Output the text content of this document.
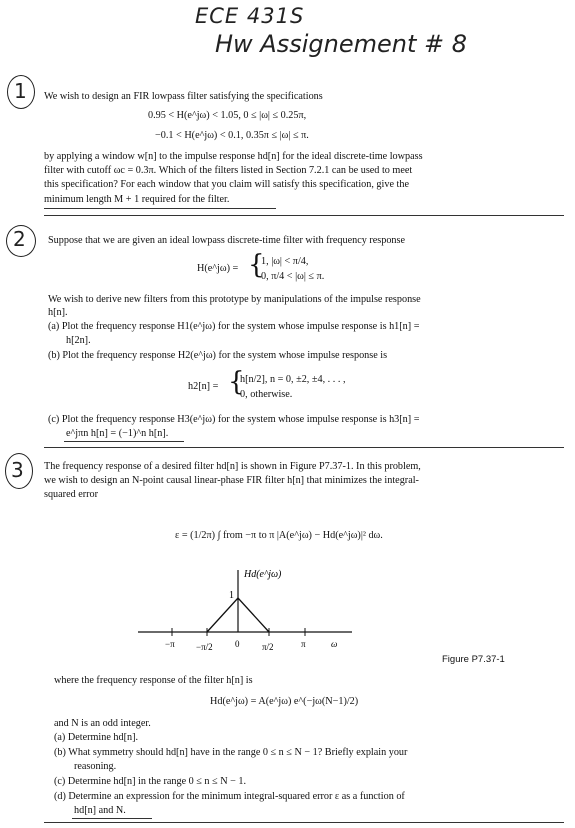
ECE 431S
Hw Assignement # 8
1 We wish to design an FIR lowpass filter satisfying the specifications
0.95 < H(e^jω) < 1.05, 0 ≤ |ω| ≤ 0.25π,
−0.1 < H(e^jω) < 0.1, 0.35π ≤ |ω| ≤ π.
by applying a window w[n] to the impulse response hd[n] for the ideal discrete-time lowpass
filter with cutoff ωc = 0.3π. Which of the filters listed in Section 7.2.1 can be used to meet
this specification? For each window that you claim will satisfy this specification, give the
minimum length M + 1 required for the filter.
2 Suppose that we are given an ideal lowpass discrete-time filter with frequency response
H(e^jω) = {
1, |ω| < π/4,
0, π/4 < |ω| ≤ π.
We wish to derive new filters from this prototype by manipulations of the impulse response
h[n].
(a) Plot the frequency response H1(e^jω) for the system whose impulse response is h1[n] =
h[2n].
(b) Plot the frequency response H2(e^jω) for the system whose impulse response is
h2[n] = {
h[n/2], n = 0, ±2, ±4, . . . ,
0, otherwise.
(c) Plot the frequency response H3(e^jω) for the system whose impulse response is h3[n] =
e^jπn h[n] = (−1)^n h[n].
3 The frequency response of a desired filter hd[n] is shown in Figure P7.37-1. In this problem,
we wish to design an N-point causal linear-phase FIR filter h[n] that minimizes the integral-
squared error
ε = (1/2π) ∫ from −π to π |A(e^jω) − Hd(e^jω)|² dω.
Hd(e^jω)
1
−π −π/2 0	π/2	π	ω
Figure P7.37-1
where the frequency response of the filter h[n] is
Hd(e^jω) = A(e^jω) e^(−jω(N−1)/2)
and N is an odd integer.
(a) Determine hd[n].
(b) What symmetry should hd[n] have in the range 0 ≤ n ≤ N − 1? Briefly explain your
reasoning.
(c) Determine hd[n] in the range 0 ≤ n ≤ N − 1.
(d) Determine an expression for the minimum integral-squared error ε as a function of
hd[n] and N.
